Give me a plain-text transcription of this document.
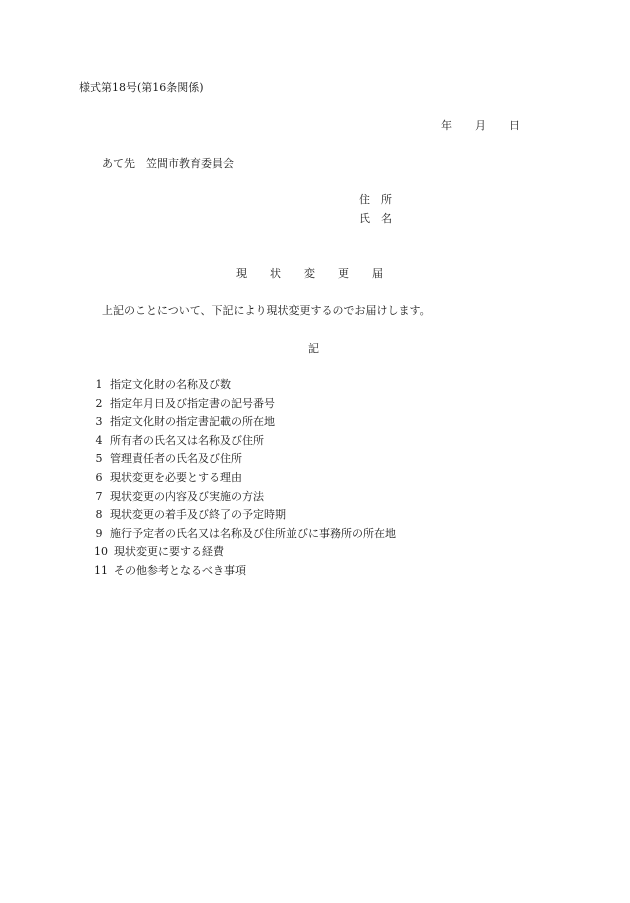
様式第18号(第16条関係)
年	月	日
あて先 笠間市教育委員会
住 所
氏 名
現 状 変 更 届
上記のことについて、下記により現状変更するのでお届けします。
記
1 指定文化財の名称及び数
2 指定年月日及び指定書の記号番号
3 指定文化財の指定書記載の所在地
4 所有者の氏名又は名称及び住所
5 管理責任者の氏名及び住所
6 現状変更を必要とする理由
7 現状変更の内容及び実施の方法
8 現状変更の着手及び終了の予定時期
9 施行予定者の氏名又は名称及び住所並びに事務所の所在地
10 現状変更に要する経費
11 その他参考となるべき事項
